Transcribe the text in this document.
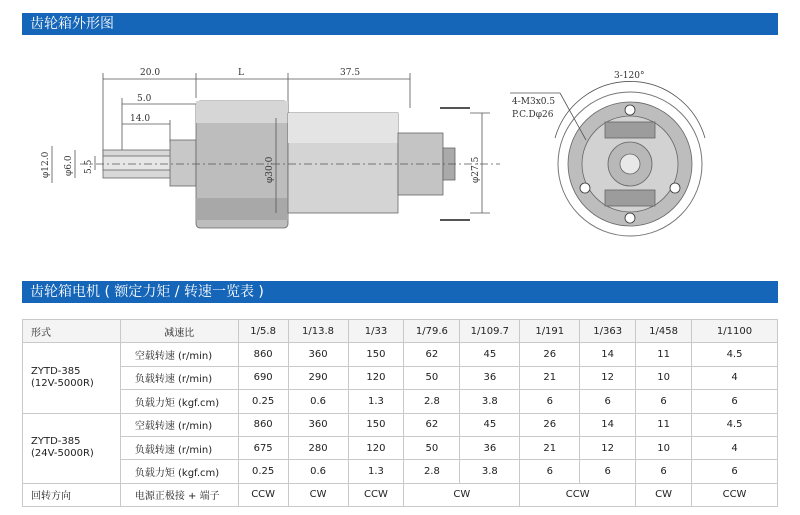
齿轮箱外形图
20.0	L	37.5
5.0
14.0
φ12.0 φ6.0 5.5	φ30.0	φ27.5
3-120°
4-M3x0.5
P.C.Dφ26
齿轮箱电机 ( 额定力矩 / 转速一览表 )
形式	减速比	1/5.8	1/13.8	1/33	1/79.6	1/109.7	1/191	1/363	1/458	1/1100

ZYTD-385
(12V-5000R)	空载转速 (r/min)	860	360	150	62	45	26	14	11	4.5
	负载转速 (r/min)	690	290	120	50	36	21	12	10	4
	负载力矩 (kgf.cm)	0.25	0.6	1.3	2.8	3.8	6	6	6	6

ZYTD-385
(24V-5000R)	空载转速 (r/min)	860	360	150	62	45	26	14	11	4.5
	负载转速 (r/min)	675	280	120	50	36	21	12	10	4
	负载力矩 (kgf.cm)	0.25	0.6	1.3	2.8	3.8	6	6	6	6
回转方向	电源正极接 + 端子	CCW	CW	CCW	CW		CCW		CW	CCW
